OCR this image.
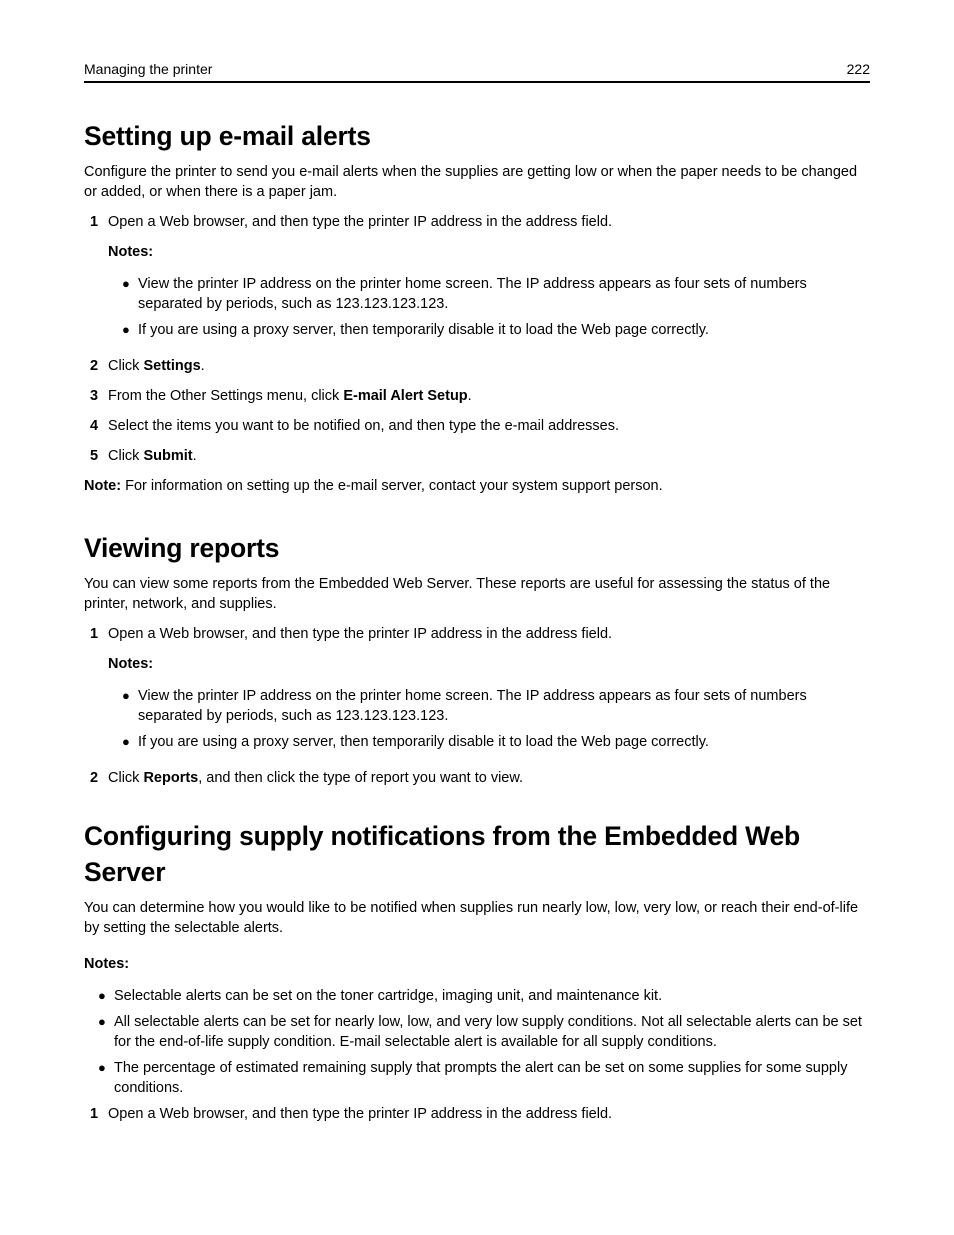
Managing the printer	222
Setting up e-mail alerts

Configure the printer to send you e-mail alerts when the supplies are getting low or when the paper needs to be changed or added, or when there is a paper jam.

1 Open a Web browser, and then type the printer IP address in the address field.

Notes:

● View the printer IP address on the printer home screen. The IP address appears as four sets of numbers separated by periods, such as 123.123.123.123.
● If you are using a proxy server, then temporarily disable it to load the Web page correctly.
2 Click Settings.

3 From the Other Settings menu, click E-mail Alert Setup.

4 Select the items you want to be notified on, and then type the e-mail addresses.

5 Click Submit.

Note: For information on setting up the e-mail server, contact your system support person.

Viewing reports

You can view some reports from the Embedded Web Server. These reports are useful for assessing the status of the printer, network, and supplies.

1 Open a Web browser, and then type the printer IP address in the address field.

Notes:

● View the printer IP address on the printer home screen. The IP address appears as four sets of numbers separated by periods, such as 123.123.123.123.
● If you are using a proxy server, then temporarily disable it to load the Web page correctly.
2 Click Reports, and then click the type of report you want to view.

Configuring supply notifications from the Embedded Web Server

You can determine how you would like to be notified when supplies run nearly low, low, very low, or reach their end-of-life by setting the selectable alerts.

Notes:

● Selectable alerts can be set on the toner cartridge, imaging unit, and maintenance kit.
● All selectable alerts can be set for nearly low, low, and very low supply conditions. Not all selectable alerts can be set for the end-of-life supply condition. E-mail selectable alert is available for all supply conditions.
● The percentage of estimated remaining supply that prompts the alert can be set on some supplies for some supply conditions.
1 Open a Web browser, and then type the printer IP address in the address field.
